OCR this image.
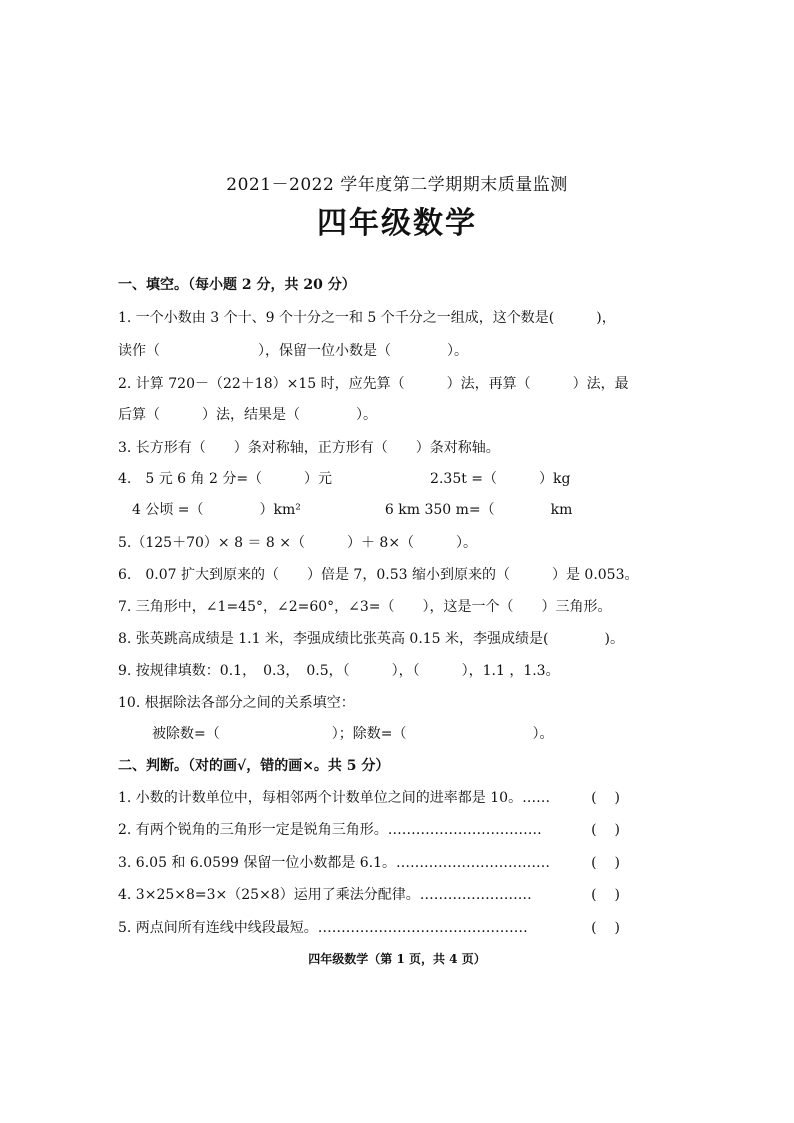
2021－2022 学年度第二学期期末质量监测
四年级数学
一、填空。（每小题 2 分，共 20 分）
1. 一个小数由 3 个十、9 个十分之一和 5 个千分之一组成，这个数是(　　　)，
读作（　　　　　　　），保留一位小数是（　　　　）。
2. 计算 720－（22＋18）×15 时，应先算（　　　）法，再算（　　　）法，最
后算（　　　）法，结果是（　　　　）。
3. 长方形有（　　）条对称轴，正方形有（　　）条对称轴。
4.　5 元 6 角 2 分=（　　　）元　　　　　　　2.35t =（　　　）kg
　4 公顷 =（　　　　）km²　　　　　　6 km 350 m=（　　　　km
5.（125＋70）× 8 ＝ 8 ×（　　　）＋ 8×（　　　）。
6.　0.07 扩大到原来的（　　）倍是 7，0.53 缩小到原来的（　　　）是 0.053。
7. 三角形中，∠1=45°，∠2=60°，∠3=（　　），这是一个（　　）三角形。
8. 张英跳高成绩是 1.1 米，李强成绩比张英高 0.15 米，李强成绩是(　　　　)。
9. 按规律填数：0.1，　0.3，　0.5，（　　　），（　　　），1.1 ，1.3。
10. 根据除法各部分之间的关系填空：
被除数=（　　　　　　　　）；除数=（　　　　　　　　　）。
二、判断。（对的画√，错的画×。共 5 分）
1. 小数的计数单位中，每相邻两个计数单位之间的进率都是 10。……	()
2. 有两个锐角的三角形一定是锐角三角形。……………………………	()
3. 6.05 和 6.0599 保留一位小数都是 6.1。……………………………	()
4. 3×25×8=3×（25×8）运用了乘法分配律。……………………	()
5. 两点间所有连线中线段最短。………………………………………	()
四年级数学（第 1 页，共 4 页）
